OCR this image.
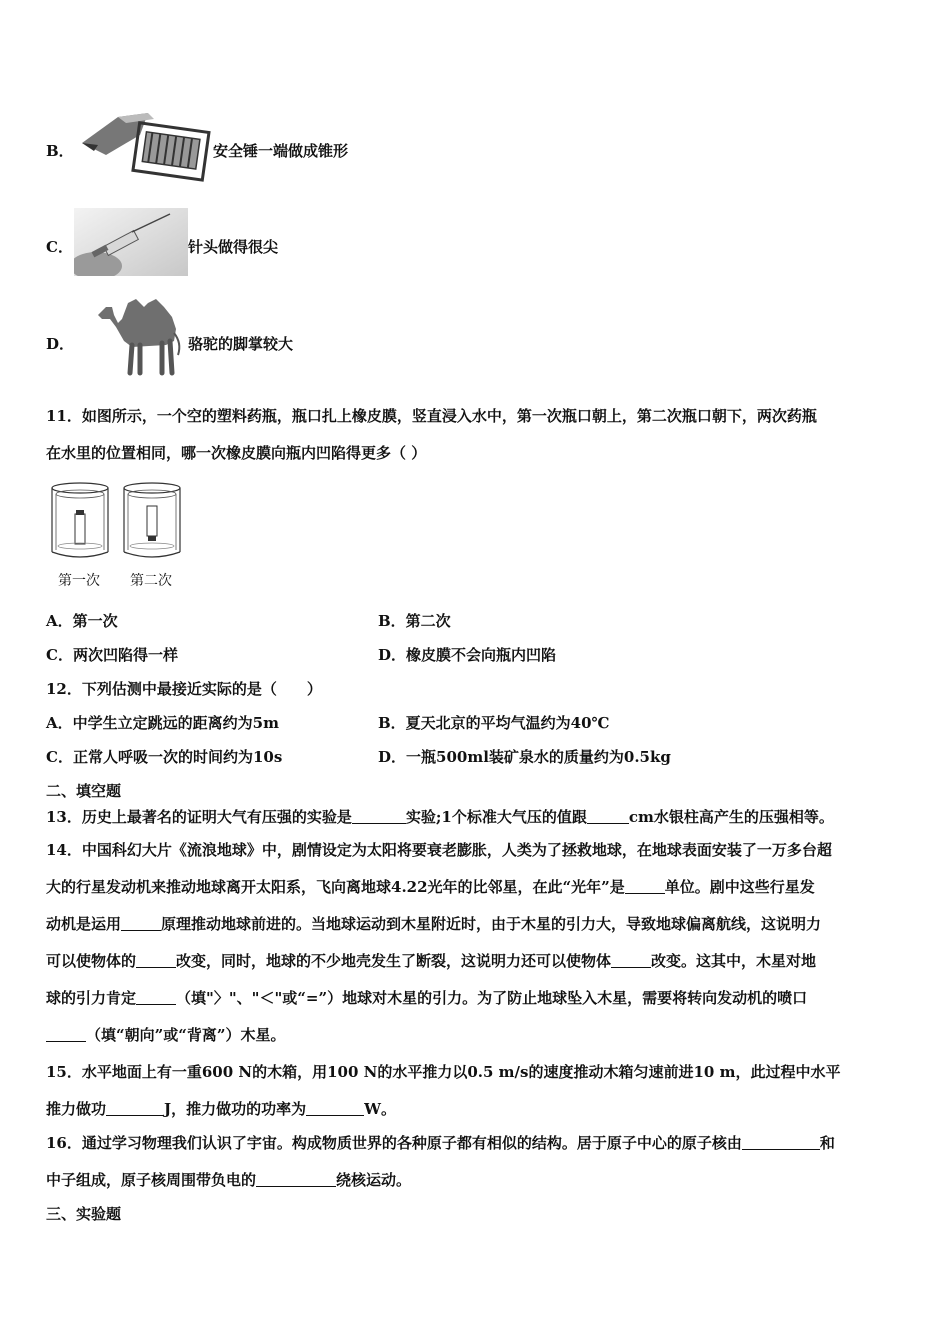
B．	安全锤一端做成锥形
C．	针头做得很尖
D．	骆驼的脚掌较大
11．如图所示，一个空的塑料药瓶，瓶口扎上橡皮膜，竖直浸入水中，第一次瓶口朝上，第二次瓶口朝下，两次药瓶
在水里的位置相同，哪一次橡皮膜向瓶内凹陷得更多（ ）
第一次 第二次
A．第一次	B．第二次
C．两次凹陷得一样	D．橡皮膜不会向瓶内凹陷
12．下列估测中最接近实际的是（　　）
A．中学生立定跳远的距离约为5m	B．夏天北京的平均气温约为40℃
C．正常人呼吸一次的时间约为10s	D．一瓶500ml装矿泉水的质量约为0.5kg
二、填空题
13．历史上最著名的证明大气有压强的实验是	实验;1个标准大气压的值跟	cm水银柱高产生的压强相等。
14．中国科幻大片《流浪地球》中，剧情设定为太阳将要衰老膨胀，人类为了拯救地球，在地球表面安装了一万多台超
大的行星发动机来推动地球离开太阳系，飞向离地球4.22光年的比邻星，在此“光年”是	单位。剧中这些行星发
动机是运用	原理推动地球前进的。当地球运动到木星附近时，由于木星的引力大，导致地球偏离航线，这说明力
可以使物体的	改变，同时，地球的不少地壳发生了断裂，这说明力还可以使物体	改变。这其中，木星对地
球的引力肯定	（填"〉"、"＜"或“=”）地球对木星的引力。为了防止地球坠入木星，需要将转向发动机的喷口
（填“朝向”或“背离”）木星。
15．水平地面上有一重600 N的木箱，用100 N的水平推力以0.5 m/s的速度推动木箱匀速前进10 m，此过程中水平
推力做功	J，推力做功的功率为	W。
16．通过学习物理我们认识了宇宙。构成物质世界的各种原子都有相似的结构。居于原子中心的原子核由	和
中子组成，原子核周围带负电的	绕核运动。
三、实验题
